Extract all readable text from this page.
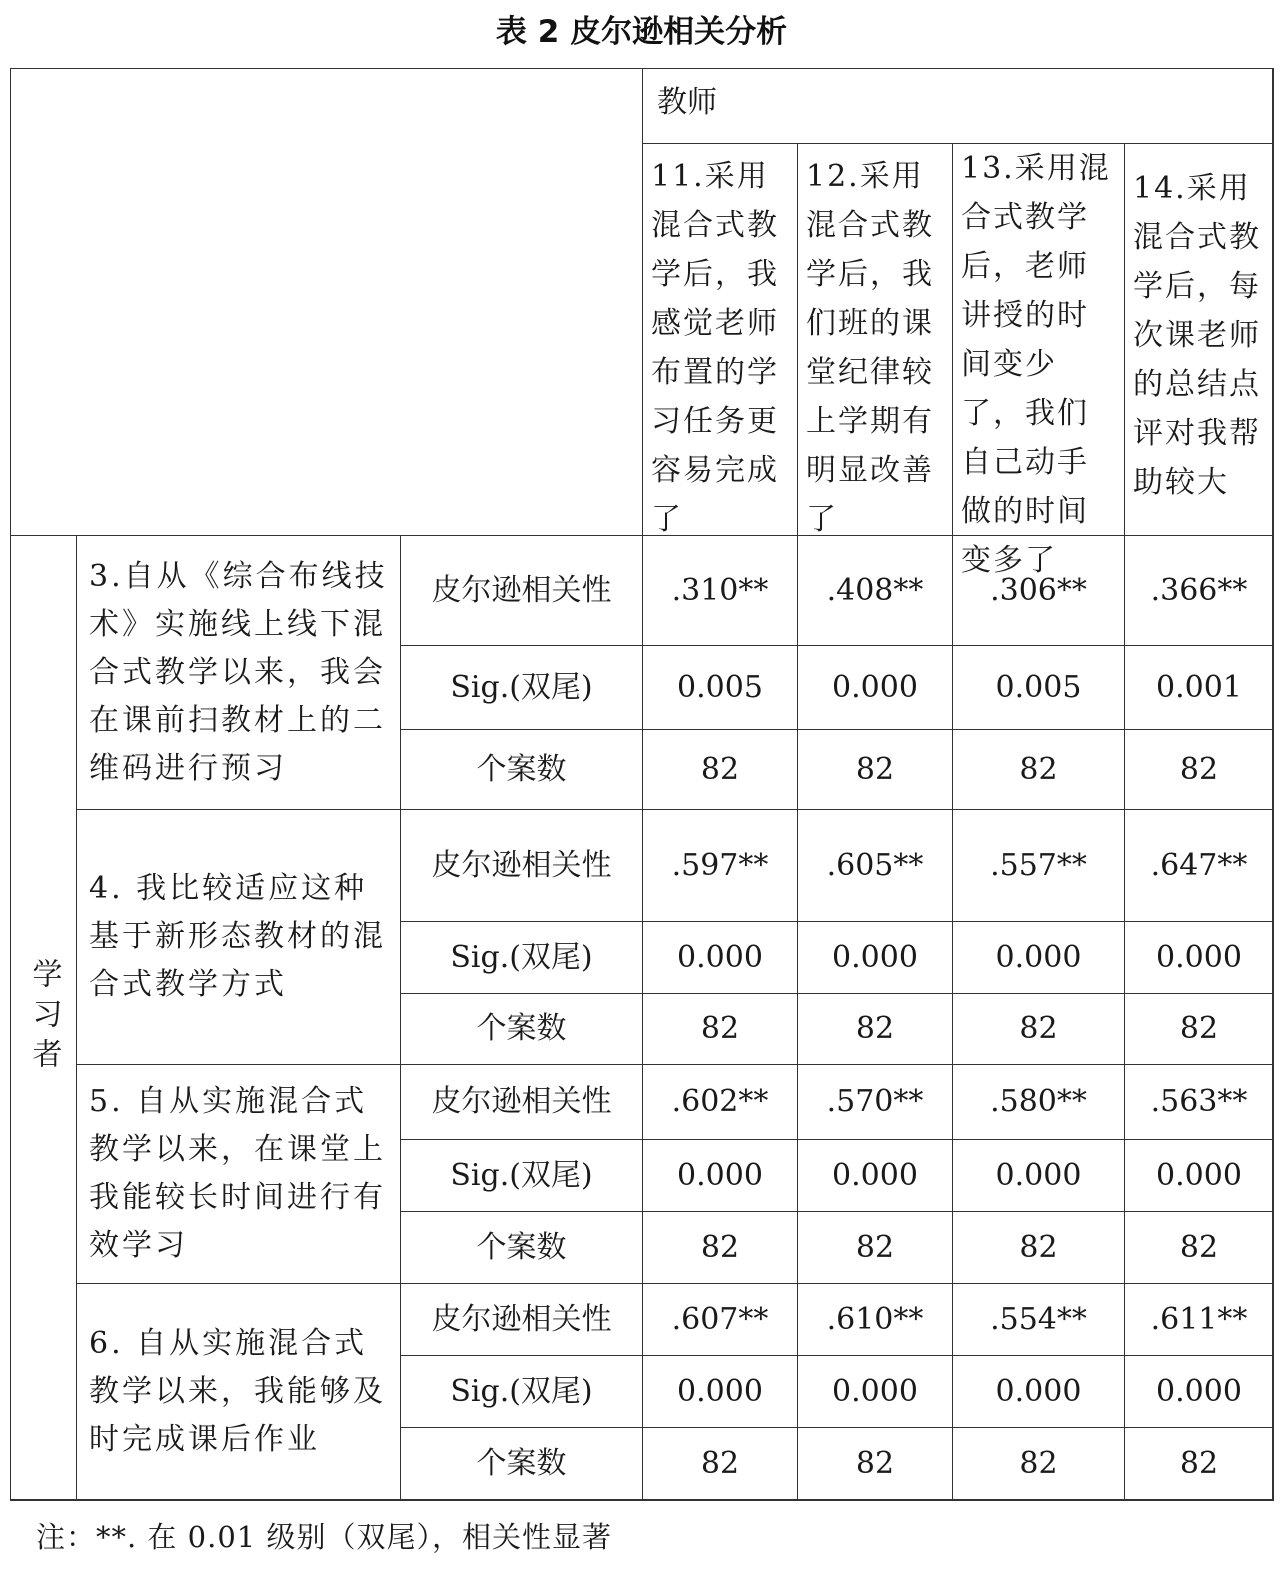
表 2 皮尔逊相关分析
教师
11.采用混合式教学后，我感觉老师布置的学习任务更容易完成了
12.采用混合式教学后，我们班的课堂纪律较上学期有明显改善了
13.采用混合式教学后，老师讲授的时间变少了，我们自己动手做的时间变多了
14.采用混合式教学后，每次课老师的总结点评对我帮助较大
学习者
3.自从《综合布线技术》实施线上线下混合式教学以来，我会在课前扫教材上的二维码进行预习
皮尔逊相关性	.310**	.408**	.306**	.366**
Sig.(双尾)	0.005	0.000	0.005	0.001
个案数	82	82	82	82
4. 我比较适应这种基于新形态教材的混合式教学方式
皮尔逊相关性	.597**	.605**	.557**	.647**
Sig.(双尾)	0.000	0.000	0.000	0.000
个案数	82	82	82	82
5. 自从实施混合式教学以来，在课堂上我能较长时间进行有效学习
皮尔逊相关性	.602**	.570**	.580**	.563**
Sig.(双尾)	0.000	0.000	0.000	0.000
个案数	82	82	82	82
6. 自从实施混合式教学以来，我能够及时完成课后作业
皮尔逊相关性	.607**	.610**	.554**	.611**
Sig.(双尾)	0.000	0.000	0.000	0.000
个案数	82	82	82	82
注：**. 在 0.01 级别（双尾），相关性显著
